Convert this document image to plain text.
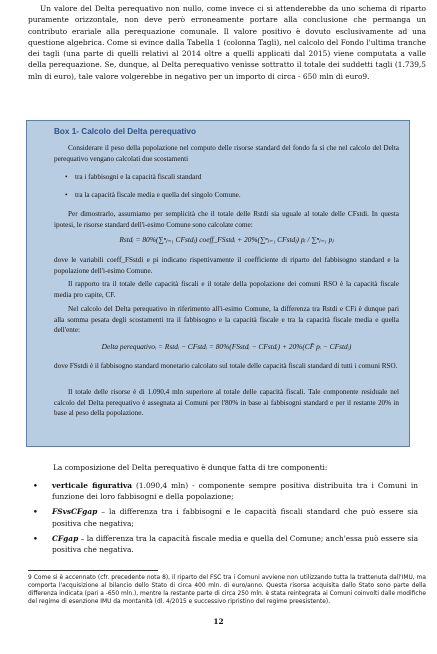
Un valore del Delta perequativo non nullo, come invece ci si attenderebbe da uno schema di riparto puramente orizzontale, non deve però erroneamente portare alla conclusione che permanga un contributo erariale alla perequazione comunale. Il valore positivo è dovuto esclusivamente ad una questione algebrica. Come si evince dalla Tabella 1 (colonna Tagli), nel calcolo del Fondo l'ultima tranche dei tagli (una parte di quelli relativi al 2014 oltre a quelli applicati dal 2015) viene computata a valle della perequazione. Se, dunque, al Delta perequativo venisse sottratto il totale dei suddetti tagli (1.739,5 mln di euro), tale valore volgerebbe in negativo per un importo di circa - 650 mln di euro9.

Box 1- Calcolo del Delta perequativo

Considerare il peso della popolazione nel computo delle risorse standard del fondo fa sì che nel calcolo del Delta perequativo vengano calcolati due scostamenti

• tra i fabbisogni e la capacità fiscali standard
• tra la capacità fiscale media e quella del singolo Comune.

Per dimostrarlo, assumiamo per semplicità che il totale delle Rstdi sia uguale al totale delle CFstdi. In questa ipotesi, le risorse standard dell'i-esimo Comune sono calcolate come:

Rstdᵢ = 80%(∑ⁿⱼ₌₁ CFstdⱼ) coeff_FSstdᵢ + 20%(∑ⁿⱼ₌₁ CFstdⱼ) pᵢ / ∑ⁿⱼ₌₁ pⱼ

dove le variabili coeff_FSstdi e pi indicano rispettivamente il coefficiente di riparto del fabbisogno standard e la popolazione dell'i-esimo Comune.

Il rapporto tra il totale delle capacità fiscali e il totale della popolazione dei comuni RSO è la capacità fiscale media pro capite, CF.

Nel calcolo del Delta perequativo in riferimento all'i-esimo Comune, la differenza tra Rstdi e CFi è dunque pari alla somma pesata degli scostamenti tra il fabbisogno e la capacità fiscale e tra la capacità fiscale media e quella dell'ente:

Delta perequativoᵢ = Rstdᵢ − CFstdᵢ = 80%(FSstdᵢ − CFstdᵢ) + 20%(CF̄ pᵢ − CFstdᵢ)

dove FSstdi è il fabbisogno standard monetario calcolato sul totale delle capacità fiscali standard di tutti i comuni RSO.

Il totale delle risorse è di 1.090,4 mln superiore al totale delle capacità fiscali. Tale componente residuale nel calcolo del Delta perequativo è assegnata ai Comuni per l'80% in base ai fabbisogni standard e per il restante 20% in base al peso della popolazione.

La composizione del Delta perequativo è dunque fatta di tre componenti:

• verticale figurativa (1.090,4 mln) - componente sempre positiva distribuita tra i Comuni in funzione dei loro fabbisogni e della popolazione;
• FSvsCFgap – la differenza tra i fabbisogni e le capacità fiscali standard che può essere sia positiva che negativa;
• CFgap – la differenza tra la capacità fiscale media e quella del Comune; anch'essa può essere sia positiva che negativa.

9 Come si è accennato (cfr. precedente nota 8), il riparto del FSC tra i Comuni avviene non utilizzando tutta la trattenuta dall'IMU, ma comporta l'acquisizione al bilancio dello Stato di circa 400 mln. di euro/anno. Questa risorsa acquisita dallo Stato sono parte della differenza indicata (pari a -650 mln.), mentre la restante parte di circa 250 mln. è stata reintegrata ai Comuni coinvolti dalle modifiche del regime di esenzione IMU da montanità (dl. 4/2015 e successivo ripristino del regime preesistente).

12
